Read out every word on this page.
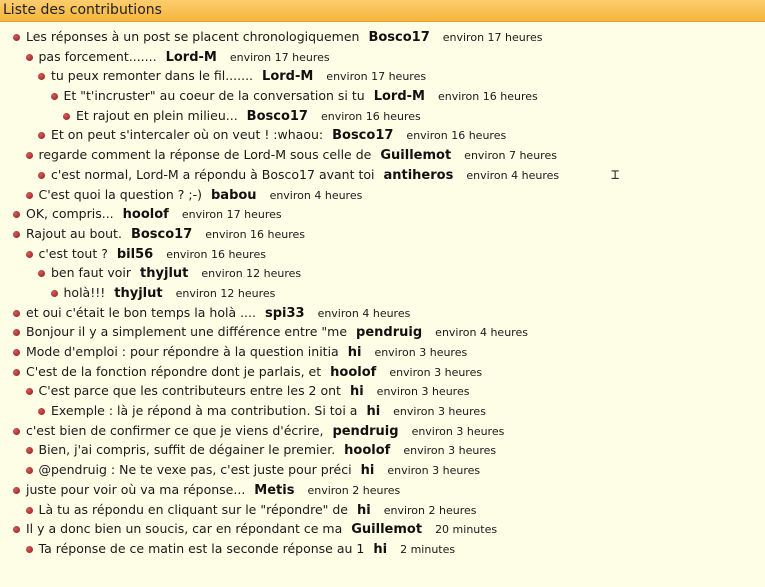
Liste des contributions
Les réponses à un post se placent chronologiquemen Bosco17 environ 17 heures
pas forcement....... Lord-M environ 17 heures
tu peux remonter dans le fil....... Lord-M environ 17 heures
Et "t'incruster" au coeur de la conversation si tu Lord-M environ 16 heures
Et rajout en plein milieu... Bosco17 environ 16 heures
Et on peut s'intercaler où on veut ! :whaou: Bosco17 environ 16 heures
regarde comment la réponse de Lord-M sous celle de Guillemot environ 7 heures
c'est normal, Lord-M a répondu à Bosco17 avant toi antiheros environ 4 heures
C'est quoi la question ? ;-) babou environ 4 heures
OK, compris... hoolof environ 17 heures
Rajout au bout. Bosco17 environ 16 heures
c'est tout ? bil56 environ 16 heures
ben faut voir thyjlut environ 12 heures
holà!!! thyjlut environ 12 heures
et oui c'était le bon temps la holà .... spi33 environ 4 heures
Bonjour il y a simplement une différence entre "me pendruig environ 4 heures
Mode d'emploi : pour répondre à la question initia hi environ 3 heures
C'est de la fonction répondre dont je parlais, et hoolof environ 3 heures
C'est parce que les contributeurs entre les 2 ont hi environ 3 heures
Exemple : là je répond à ma contribution. Si toi a hi environ 3 heures
c'est bien de confirmer ce que je viens d'écrire, pendruig environ 3 heures
Bien, j'ai compris, suffit de dégainer le premier. hoolof environ 3 heures
@pendruig : Ne te vexe pas, c'est juste pour préci hi environ 3 heures
juste pour voir où va ma réponse... Metis environ 2 heures
Là tu as répondu en cliquant sur le "répondre" de hi environ 2 heures
Il y a donc bien un soucis, car en répondant ce ma Guillemot 20 minutes
Ta réponse de ce matin est la seconde réponse au 1 hi 2 minutes
⌶
